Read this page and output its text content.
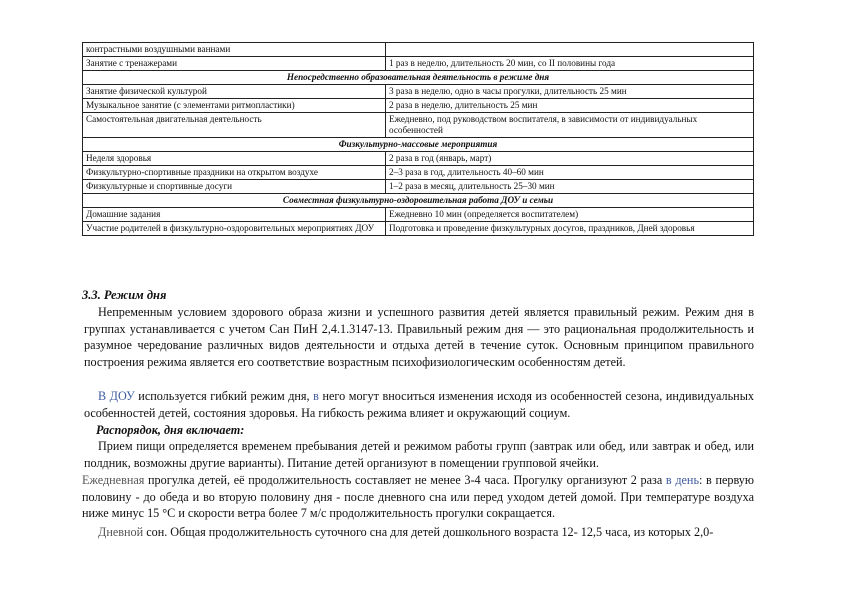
контрастными воздушными ваннами	
Занятие с тренажерами	1 раз в неделю, длительность 20 мин, со II половины года
Непосредственно образовательная деятельность в режиме дня	
Занятие физической культурой	3 раза в неделю, одно в часы прогулки, длительность 25 мин
Музыкальное занятие (с элементами ритмопластики)	2 раза в неделю, длительность 25 мин
Самостоятельная двигательная деятельность	Ежедневно, под руководством воспитателя, в зависимости от индивидуальных особенностей
Физкультурно-массовые мероприятия	
Неделя здоровья	2 раза в год (январь, март)
Физкультурно-спортивные праздники на открытом воздухе	2–3 раза в год, длительность 40–60 мин
Физкультурные и спортивные досуги	1–2 раза в месяц, длительность 25–30 мин
Совместная физкультурно-оздоровительная работа ДОУ и семьи	
Домашние задания	Ежедневно 10 мин (определяется воспитателем)
Участие родителей в физкультурно-оздоровительных мероприятиях ДОУ	Подготовка и проведение физкультурных досугов, праздников, Дней здоровья
3.3. Режим дня

Непременным условием здорового образа жизни и успешного развития детей является правильный режим. Режим дня в группах устанавливается с учетом Сан ПиН 2,4.1.3147-13. Правильный режим дня — это рациональная продолжительность и разумное чередование различных видов деятельности и отдыха детей в течение суток. Основным принципом правильного построения режима является его соответствие возрастным психофизиологическим особенностям детей.

В ДОУ используется гибкий режим дня, в него могут вноситься изменения исходя из особенностей сезона, индивидуальных особенностей детей, состояния здоровья. На гибкость режима влияет и окружающий социум.

Распорядок, дня включает:

Прием пищи определяется временем пребывания детей и режимом работы групп (завтрак или обед, или завтрак и обед, или полдник, возможны другие варианты). Питание детей организуют в помещении групповой ячейки.

Ежедневная прогулка детей, её продолжительность составляет не менее 3-4 часа. Прогулку организуют 2 раза в день: в первую половину - до обеда и во вторую половину дня - после дневного сна или перед уходом детей домой. При температуре воздуха ниже минус 15 °С и скорости ветра более 7 м/с продолжительность прогулки сокращается.

Дневной сон. Общая продолжительность суточного сна для детей дошкольного возраста 12- 12,5 часа, из которых 2,0-
